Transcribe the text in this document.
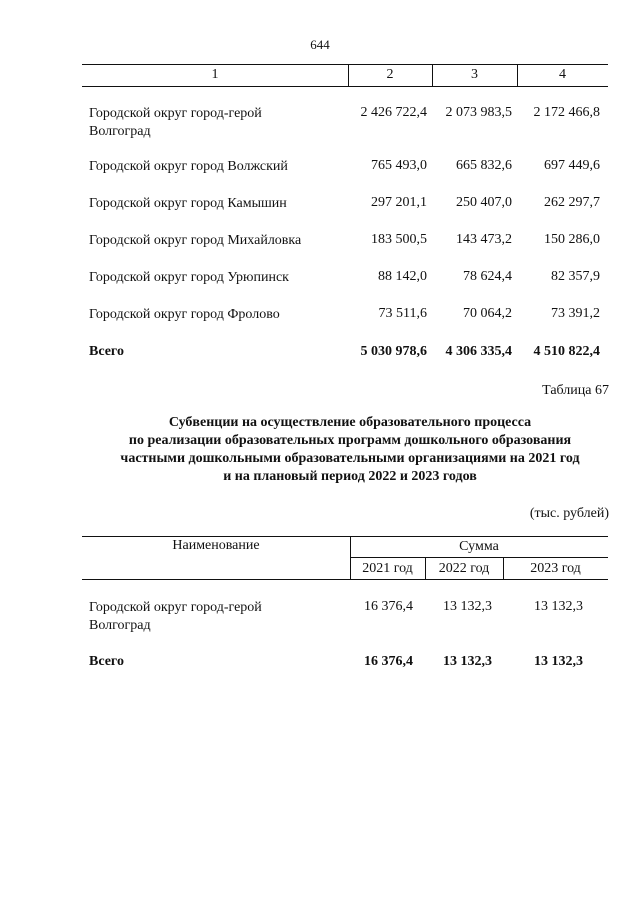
644
1	2	3	4
Городской округ город-герой
Волгоград
2 426 722,4	2 073 983,5	2 172 466,8
Городской округ город Волжский	765 493,0	665 832,6	697 449,6
Городской округ город Камышин	297 201,1	250 407,0	262 297,7
Городской округ город Михайловка	183 500,5	143 473,2	150 286,0
Городской округ город Урюпинск	88 142,0	78 624,4	82 357,9
Городской округ город Фролово	73 511,6	70 064,2	73 391,2
Всего	5 030 978,6	4 306 335,4	4 510 822,4
Таблица 67
Субвенции на осуществление образовательного процесса
по реализации образовательных программ дошкольного образования
частными дошкольными образовательными организациями на 2021 год
и на плановый период 2022 и 2023 годов
(тыс. рублей)
Наименование	Сумма
2021 год	2022 год	2023 год
Городской округ город-герой
Волгоград
16 376,4	13 132,3	13 132,3
Всего	16 376,4	13 132,3	13 132,3
